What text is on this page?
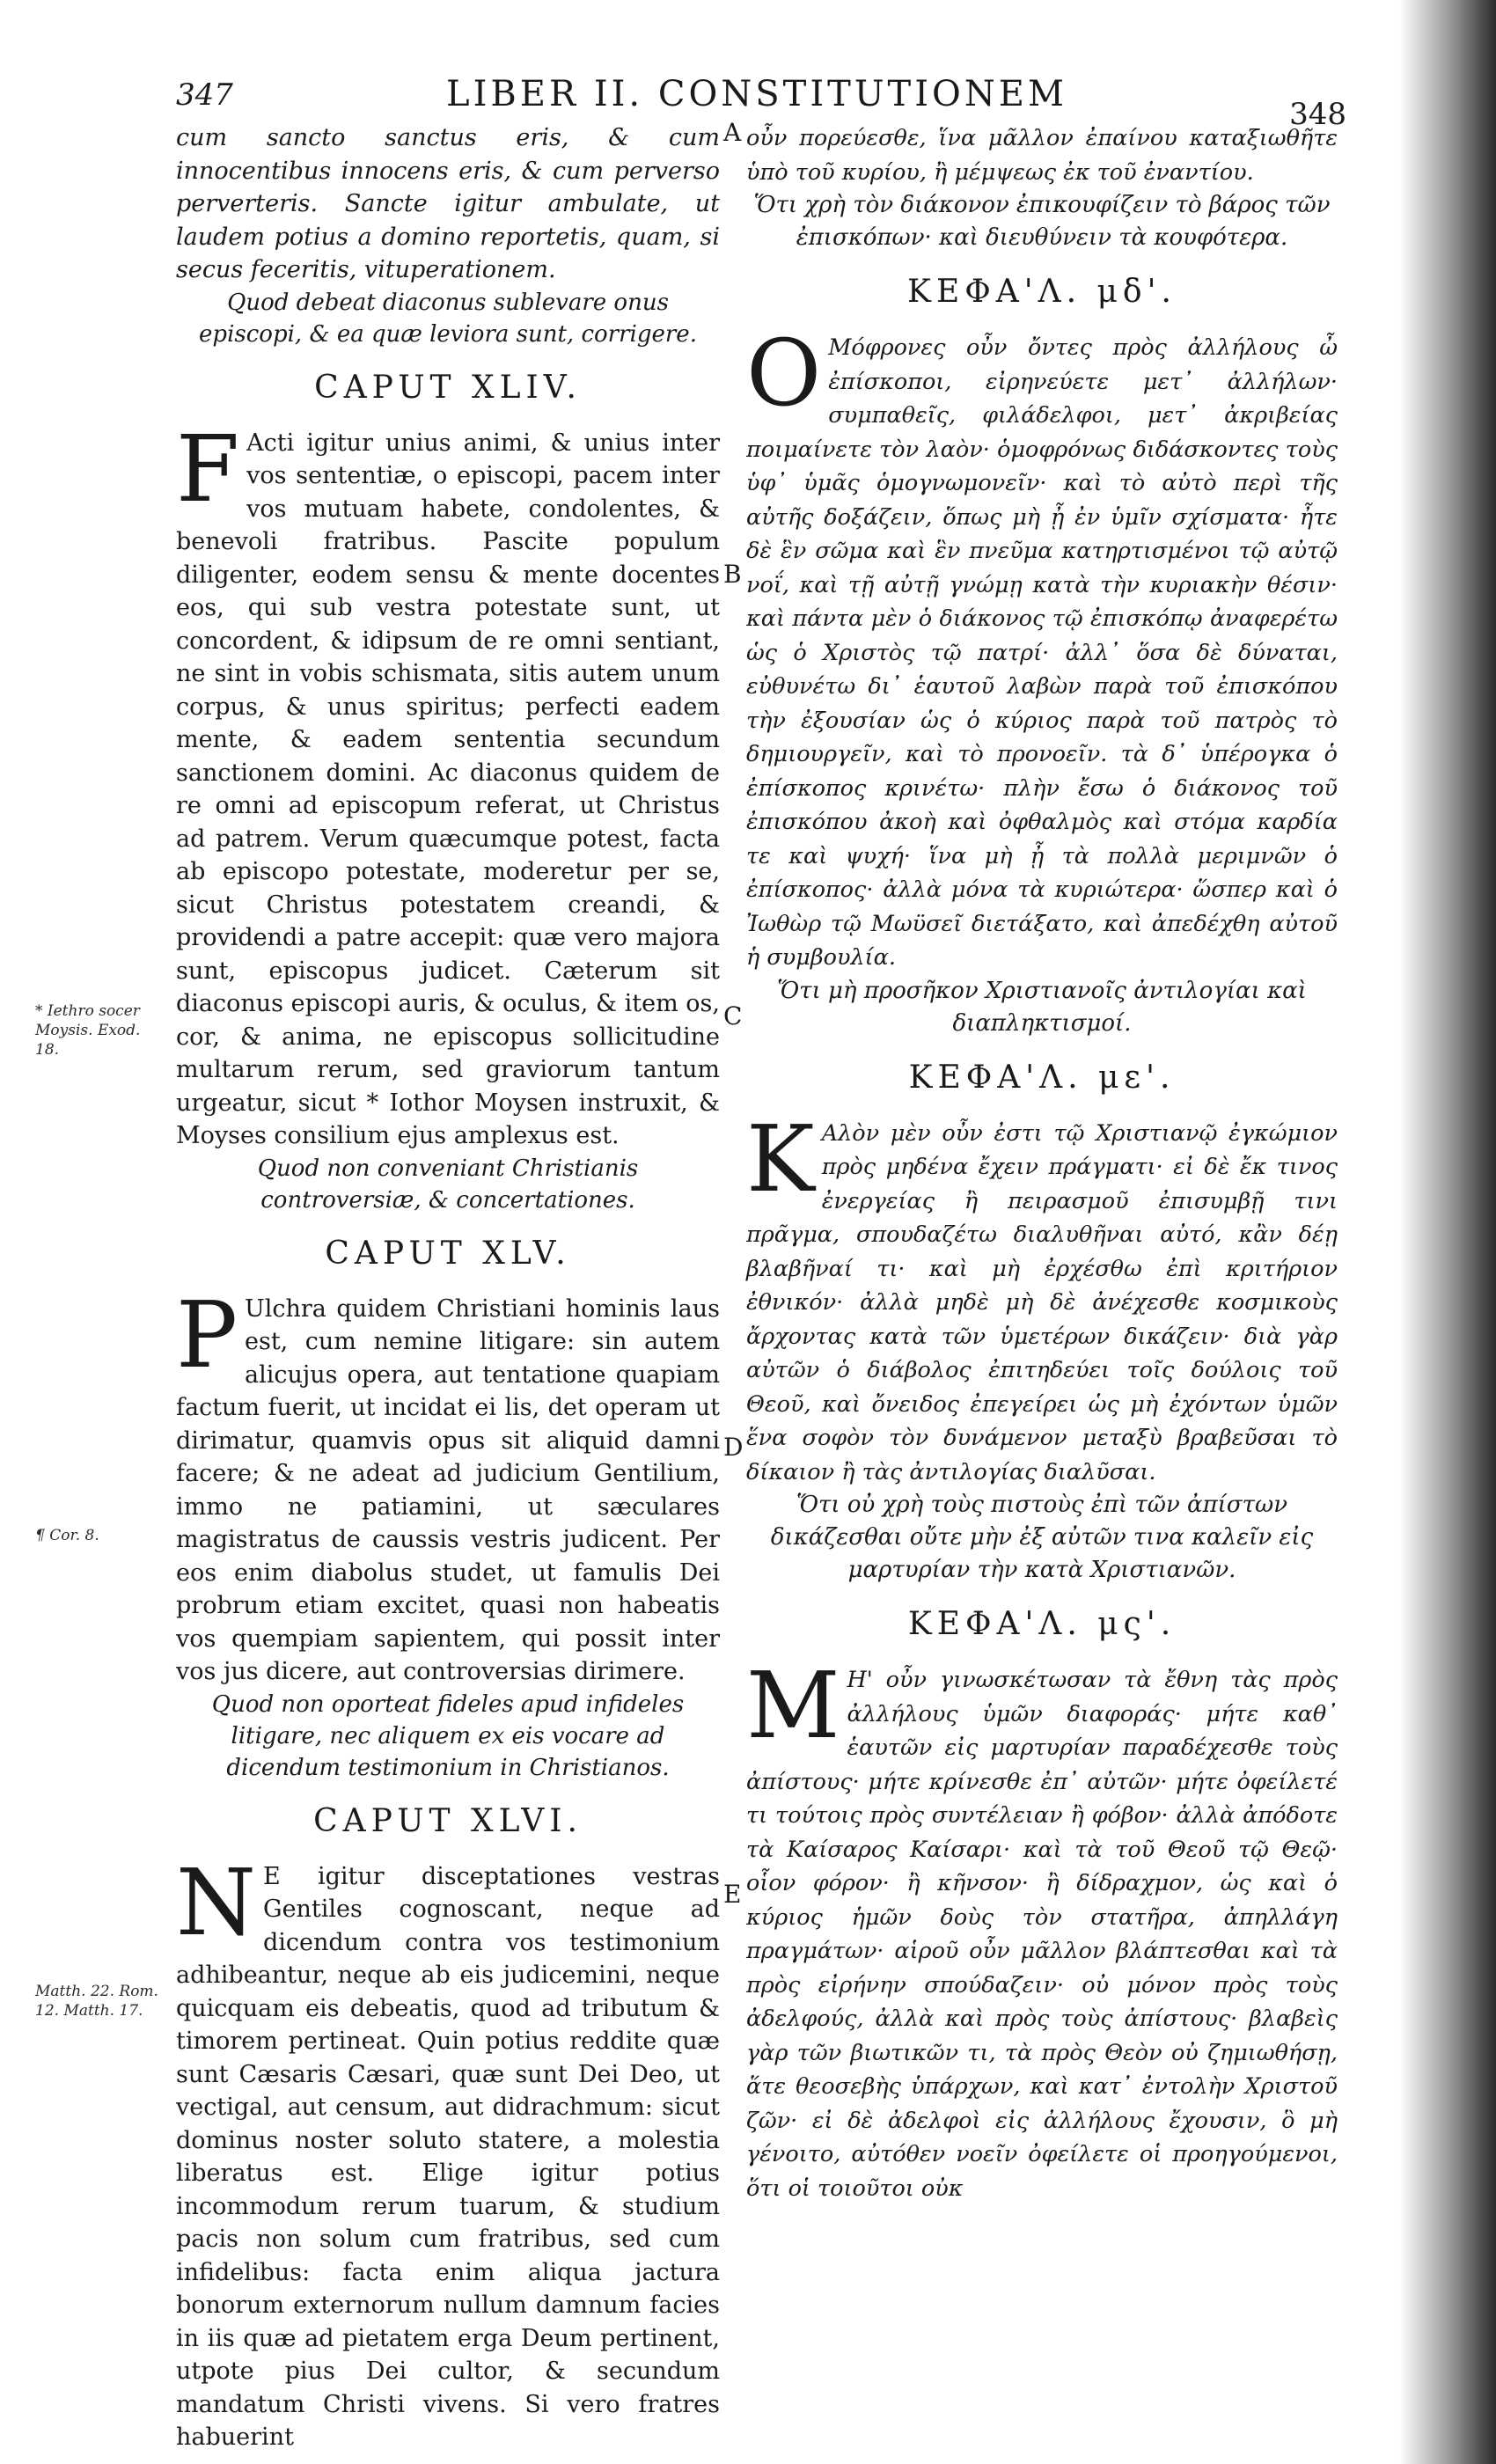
347	LIBER II. CONSTITUTIONEM	348
* Iethro socer Moysis. Exod. 18.
¶ Cor. 8.
Matth. 22. Rom. 12. Matth. 17.
A
B
C
D
E

cum sancto sanctus eris, & cum innocentibus innocens eris, & cum perverso perverteris. Sancte igitur ambulate, ut laudem potius a domino reportetis, quam, si secus feceritis, vituperationem.

Quod debeat diaconus sublevare onus episcopi, & ea quæ leviora sunt, corrigere.

CAPUT XLIV.

F Acti igitur unius animi, & unius inter vos sententiæ, o episcopi, pacem inter vos mutuam habete, condolentes, & benevoli fratribus. Pascite populum diligenter, eodem sensu & mente docentes eos, qui sub vestra potestate sunt, ut concordent, & idipsum de re omni sentiant, ne sint in vobis schismata, sitis autem unum corpus, & unus spiritus; perfecti eadem mente, & eadem sententia secundum sanctionem domini. Ac diaconus quidem de re omni ad episcopum referat, ut Christus ad patrem. Verum quæcumque potest, facta ab episcopo potestate, moderetur per se, sicut Christus potestatem creandi, & providendi a patre accepit: quæ vero majora sunt, episcopus judicet. Cæterum sit diaconus episcopi auris, & oculus, & item os, cor, & anima, ne episcopus sollicitudine multarum rerum, sed graviorum tantum urgeatur, sicut * Iothor Moysen instruxit, & Moyses consilium ejus amplexus est.

Quod non conveniant Christianis controversiæ, & concertationes.

CAPUT XLV.

P Ulchra quidem Christiani hominis laus est, cum nemine litigare: sin autem alicujus opera, aut tentatione quapiam factum fuerit, ut incidat ei lis, det operam ut dirimatur, quamvis opus sit aliquid damni facere; & ne adeat ad judicium Gentilium, immo ne patiamini, ut sæculares magistratus de caussis vestris judicent. Per eos enim diabolus studet, ut famulis Dei probrum etiam excitet, quasi non habeatis vos quempiam sapientem, qui possit inter vos jus dicere, aut controversias dirimere.

Quod non oporteat fideles apud infideles litigare, nec aliquem ex eis vocare ad dicendum testimonium in Christianos.

CAPUT XLVI.

N E igitur disceptationes vestras Gentiles cognoscant, neque ad dicendum contra vos testimonium adhibeantur, neque ab eis judicemini, neque quicquam eis debeatis, quod ad tributum & timorem pertineat. Quin potius reddite quæ sunt Cæsaris Cæsari, quæ sunt Dei Deo, ut vectigal, aut censum, aut didrachmum: sicut dominus noster soluto statere, a molestia liberatus est. Elige igitur potius incommodum rerum tuarum, & studium pacis non solum cum fratribus, sed cum infidelibus: facta enim aliqua jactura bonorum externorum nullum damnum facies in iis quæ ad pietatem erga Deum pertinent, utpote pius Dei cultor, & secundum mandatum Christi vivens. Si vero fratres habuerint

οὖν πορεύεσθε, ἵνα μᾶλλον ἐπαίνου καταξιωθῆτε ὑπὸ τοῦ κυρίου, ἢ μέμψεως ἐκ τοῦ ἐναντίου.

Ὅτι χρὴ τὸν διάκονον ἐπικουφίζειν τὸ βάρος τῶν ἐπισκόπων· καὶ διευθύνειν τὰ κουφότερα.

ΚΕΦΑ'Λ. μδ'.

Ο Μόφρονες οὖν ὄντες πρὸς ἀλλήλους ὦ ἐπίσκοποι, εἰρηνεύετε μετ᾽ ἀλλήλων· συμπαθεῖς, φιλάδελφοι, μετ᾽ ἀκριβείας ποιμαίνετε τὸν λαὸν· ὁμοφρόνως διδάσκοντες τοὺς ὑφ᾽ ὑμᾶς ὁμογνωμονεῖν· καὶ τὸ αὐτὸ περὶ τῆς αὐτῆς δοξάζειν, ὅπως μὴ ᾖ ἐν ὑμῖν σχίσματα· ἦτε δὲ ἓν σῶμα καὶ ἓν πνεῦμα κατηρτισμένοι τῷ αὐτῷ νοΐ, καὶ τῇ αὐτῇ γνώμῃ κατὰ τὴν κυριακὴν θέσιν· καὶ πάντα μὲν ὁ διάκονος τῷ ἐπισκόπῳ ἀναφερέτω ὡς ὁ Χριστὸς τῷ πατρί· ἀλλ᾽ ὅσα δὲ δύναται, εὐθυνέτω δι᾽ ἑαυτοῦ λαβὼν παρὰ τοῦ ἐπισκόπου τὴν ἐξουσίαν ὡς ὁ κύριος παρὰ τοῦ πατρὸς τὸ δημιουργεῖν, καὶ τὸ προνοεῖν. τὰ δ᾽ ὑπέρογκα ὁ ἐπίσκοπος κρινέτω· πλὴν ἔσω ὁ διάκονος τοῦ ἐπισκόπου ἀκοὴ καὶ ὀφθαλμὸς καὶ στόμα καρδία τε καὶ ψυχή· ἵνα μὴ ᾖ τὰ πολλὰ μεριμνῶν ὁ ἐπίσκοπος· ἀλλὰ μόνα τὰ κυριώτερα· ὥσπερ καὶ ὁ Ἰωθὼρ τῷ Μωϋσεῖ διετάξατο, καὶ ἀπεδέχθη αὐτοῦ ἡ συμβουλία.

Ὅτι μὴ προσῆκον Χριστιανοῖς ἀντιλογίαι καὶ διαπληκτισμοί.

ΚΕΦΑ'Λ. με'.

Κ Αλὸν μὲν οὖν ἐστι τῷ Χριστιανῷ ἐγκώμιον πρὸς μηδένα ἔχειν πράγματι· εἰ δὲ ἔκ τινος ἐνεργείας ἢ πειρασμοῦ ἐπισυμβῇ τινι πρᾶγμα, σπουδαζέτω διαλυθῆναι αὐτό, κἂν δέῃ βλαβῆναί τι· καὶ μὴ ἐρχέσθω ἐπὶ κριτήριον ἐθνικόν· ἀλλὰ μηδὲ μὴ δὲ ἀνέχεσθε κοσμικοὺς ἄρχοντας κατὰ τῶν ὑμετέρων δικάζειν· διὰ γὰρ αὐτῶν ὁ διάβολος ἐπιτηδεύει τοῖς δούλοις τοῦ Θεοῦ, καὶ ὄνειδος ἐπεγείρει ὡς μὴ ἐχόντων ὑμῶν ἕνα σοφὸν τὸν δυνάμενον μεταξὺ βραβεῦσαι τὸ δίκαιον ἢ τὰς ἀντιλογίας διαλῦσαι.

Ὅτι οὐ χρὴ τοὺς πιστοὺς ἐπὶ τῶν ἀπίστων δικάζεσθαι οὔτε μὴν ἐξ αὐτῶν τινα καλεῖν εἰς μαρτυρίαν τὴν κατὰ Χριστιανῶν.

ΚΕΦΑ'Λ. μς'.

Μ Η' οὖν γινωσκέτωσαν τὰ ἔθνη τὰς πρὸς ἀλλήλους ὑμῶν διαφοράς· μήτε καθ᾽ ἑαυτῶν εἰς μαρτυρίαν παραδέχεσθε τοὺς ἀπίστους· μήτε κρίνεσθε ἐπ᾽ αὐτῶν· μήτε ὀφείλετέ τι τούτοις πρὸς συντέλειαν ἢ φόβον· ἀλλὰ ἀπόδοτε τὰ Καίσαρος Καίσαρι· καὶ τὰ τοῦ Θεοῦ τῷ Θεῷ· οἷον φόρον· ἢ κῆνσον· ἢ δίδραχμον, ὡς καὶ ὁ κύριος ἡμῶν δοὺς τὸν στατῆρα, ἀπηλλάγη πραγμάτων· αἱροῦ οὖν μᾶλλον βλάπτεσθαι καὶ τὰ πρὸς εἰρήνην σπούδαζειν· οὐ μόνον πρὸς τοὺς ἀδελφούς, ἀλλὰ καὶ πρὸς τοὺς ἀπίστους· βλαβεὶς γὰρ τῶν βιωτικῶν τι, τὰ πρὸς Θεὸν οὐ ζημιωθήσῃ, ἅτε θεοσεβὴς ὑπάρχων, καὶ κατ᾽ ἐντολὴν Χριστοῦ ζῶν· εἰ δὲ ἀδελφοὶ εἰς ἀλλήλους ἔχουσιν, ὃ μὴ γένοιτο, αὐτόθεν νοεῖν ὀφείλετε οἱ προηγούμενοι, ὅτι οἱ τοιοῦτοι οὐκ
